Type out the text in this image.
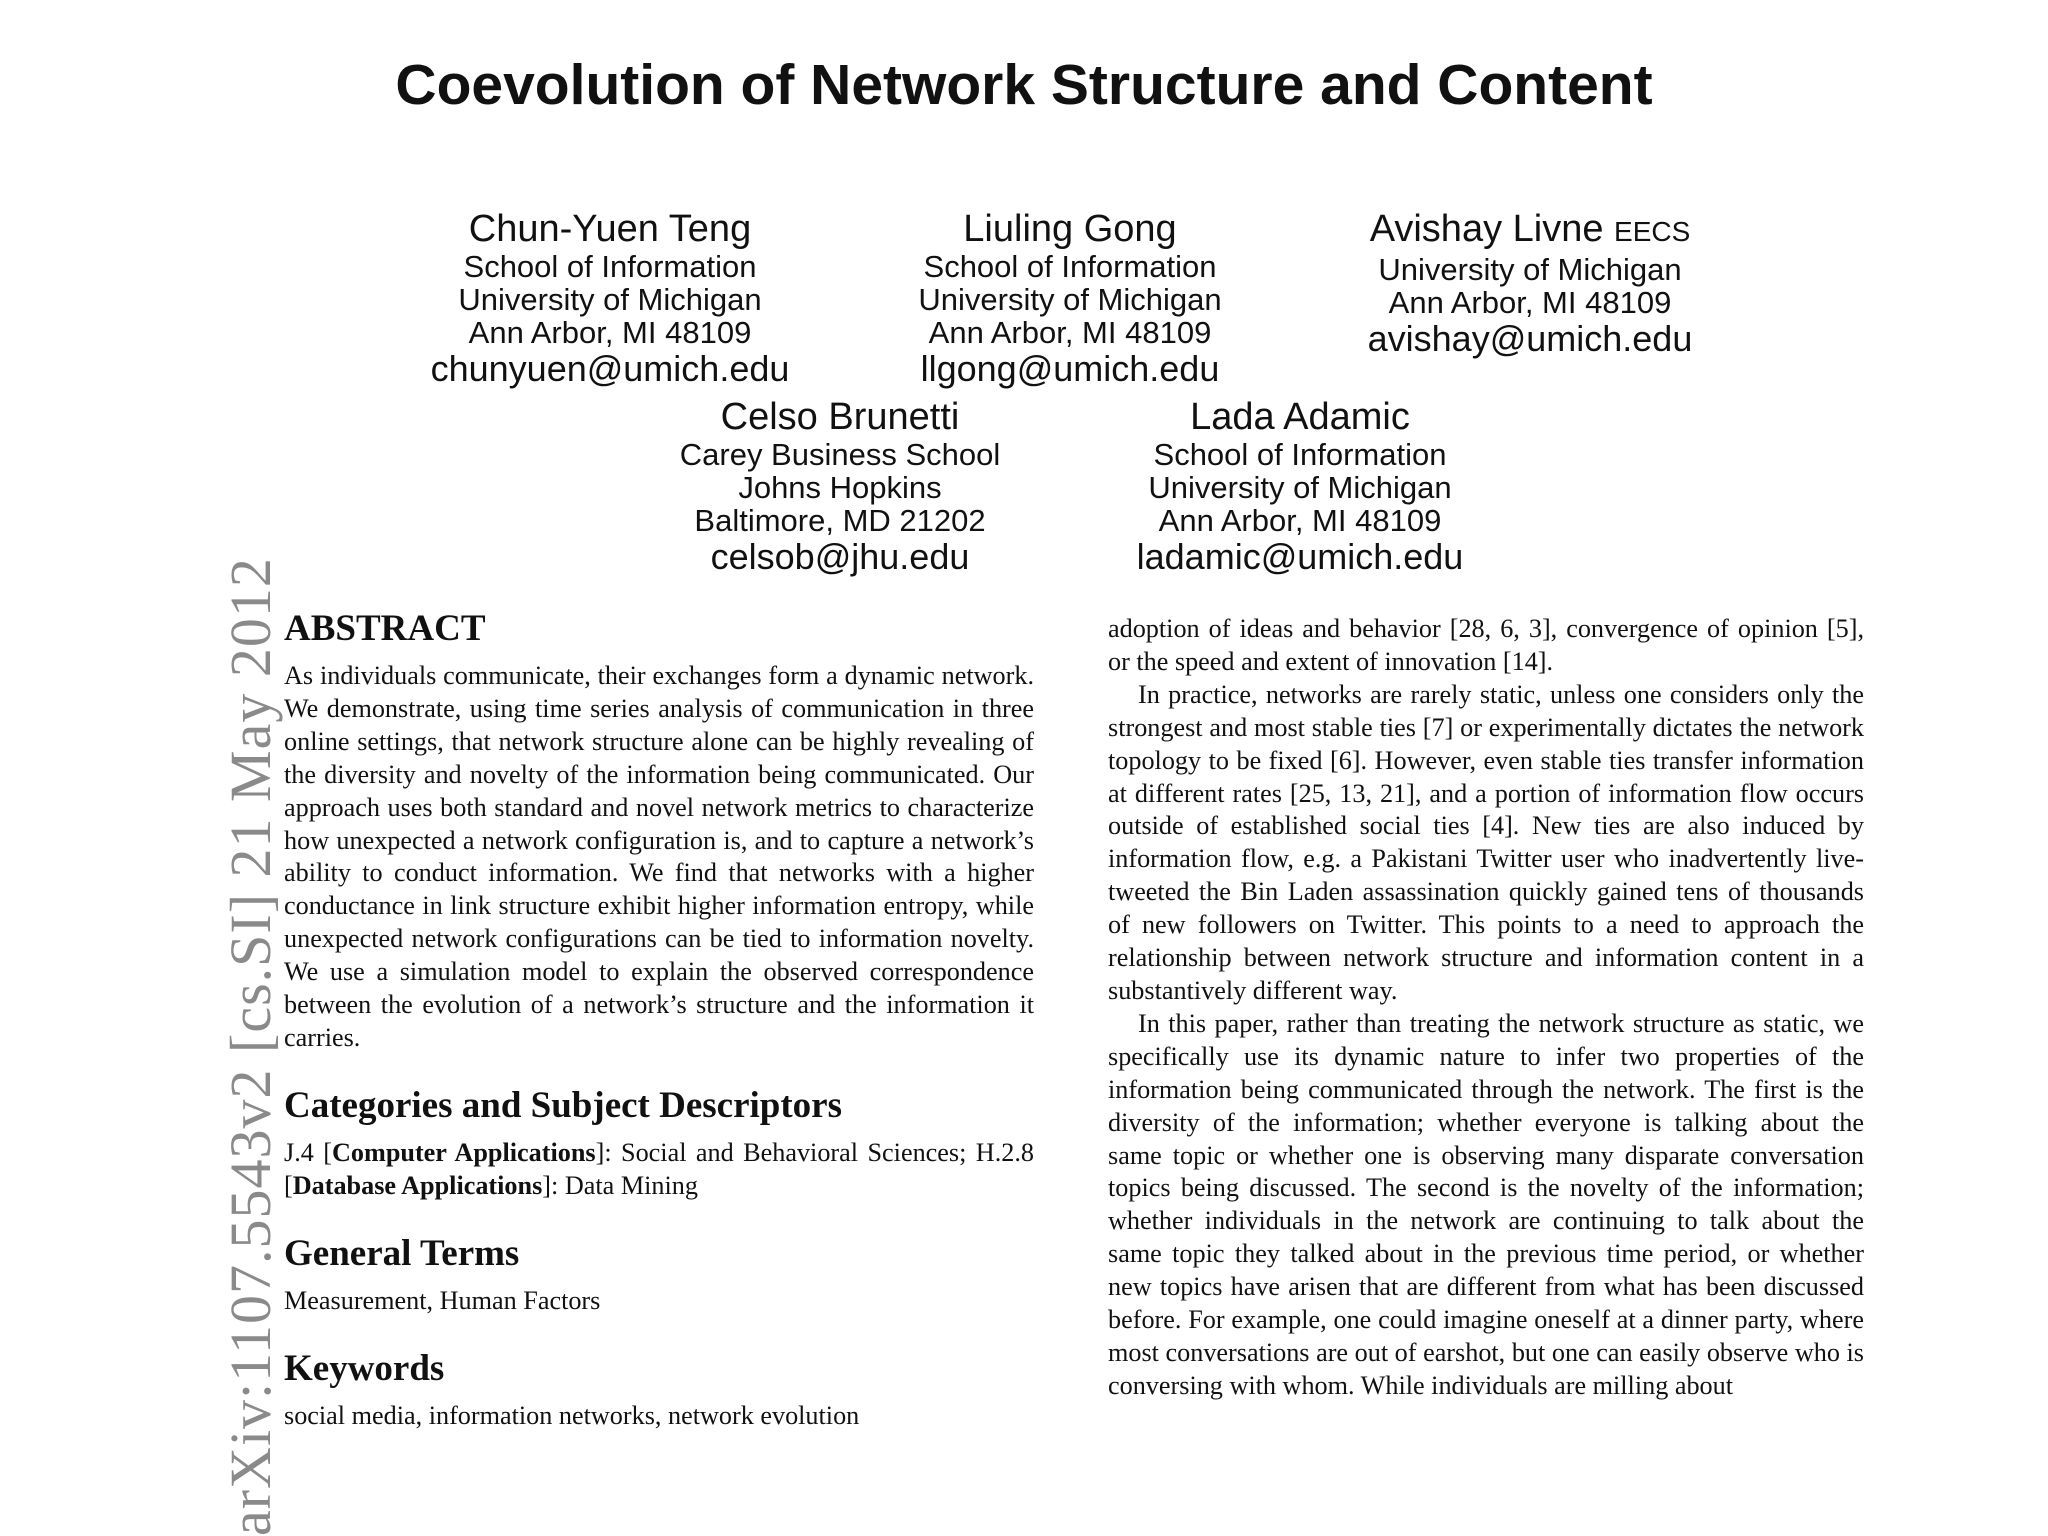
arXiv:1107.5543v2 [cs.SI] 21 May 2012
Coevolution of Network Structure and Content
Chun-Yuen Teng
School of Information
University of Michigan
Ann Arbor, MI 48109
chunyuen@umich.edu
Liuling Gong
School of Information
University of Michigan
Ann Arbor, MI 48109
llgong@umich.edu
Avishay Livne EECS
University of Michigan
Ann Arbor, MI 48109
avishay@umich.edu
Celso Brunetti
Carey Business School
Johns Hopkins
Baltimore, MD 21202
celsob@jhu.edu
Lada Adamic
School of Information
University of Michigan
Ann Arbor, MI 48109
ladamic@umich.edu
ABSTRACT

As individuals communicate, their exchanges form a dynamic network. We demonstrate, using time series analysis of communication in three online settings, that network structure alone can be highly revealing of the diversity and novelty of the information being communicated. Our approach uses both standard and novel network metrics to characterize how unexpected a network configuration is, and to capture a network’s ability to conduct information. We find that networks with a higher conductance in link structure exhibit higher information entropy, while unexpected network configurations can be tied to information novelty. We use a simulation model to explain the observed correspondence between the evolution of a network’s structure and the information it carries.

Categories and Subject Descriptors

J.4 [Computer Applications]: Social and Behavioral Sciences; H.2.8 [Database Applications]: Data Mining

General Terms

Measurement, Human Factors

Keywords

social media, information networks, network evolution

adoption of ideas and behavior [28, 6, 3], convergence of opinion [5], or the speed and extent of innovation [14].

In practice, networks are rarely static, unless one considers only the strongest and most stable ties [7] or experimentally dictates the network topology to be fixed [6]. However, even stable ties transfer information at different rates [25, 13, 21], and a portion of information flow occurs outside of established social ties [4]. New ties are also induced by information flow, e.g. a Pakistani Twitter user who inadvertently live-tweeted the Bin Laden assassination quickly gained tens of thousands of new followers on Twitter. This points to a need to approach the relationship between network structure and information content in a substantively different way.

In this paper, rather than treating the network structure as static, we specifically use its dynamic nature to infer two properties of the information being communicated through the network. The first is the diversity of the information; whether everyone is talking about the same topic or whether one is observing many disparate conversation topics being discussed. The second is the novelty of the information; whether individuals in the network are continuing to talk about the same topic they talked about in the previous time period, or whether new topics have arisen that are different from what has been discussed before. For example, one could imagine oneself at a dinner party, where most conversations are out of earshot, but one can easily observe who is conversing with whom. While individuals are milling about
